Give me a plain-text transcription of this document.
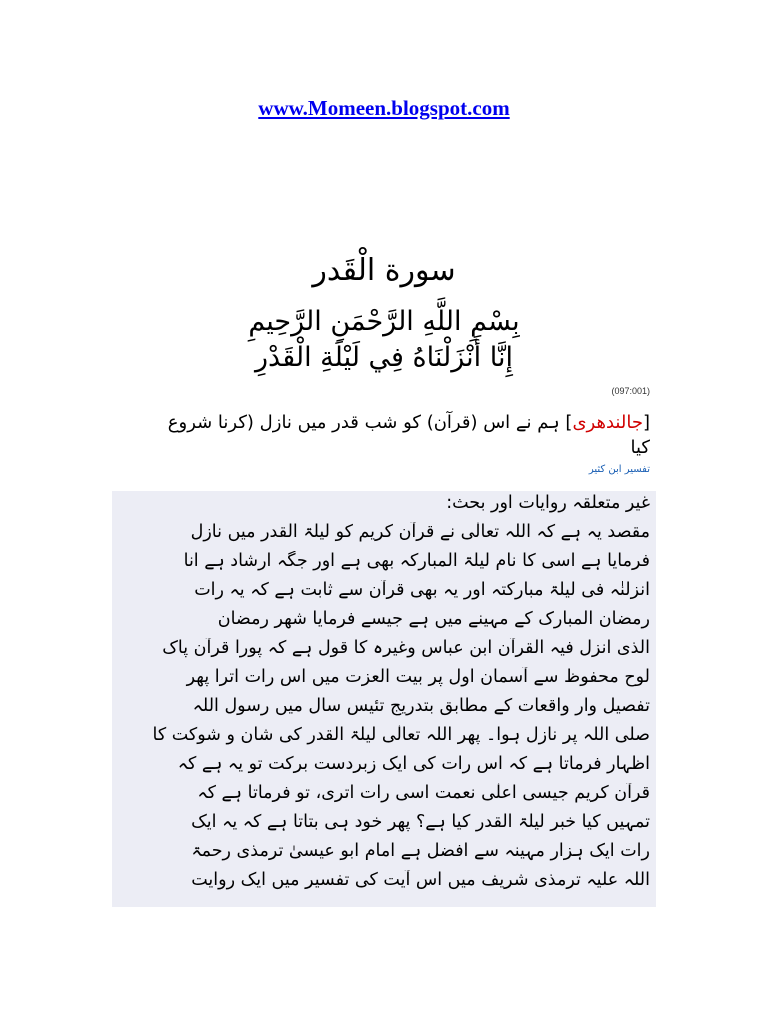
www.Momeen.blogspot.com
سورة الْقَدر
بِسْمِ اللَّهِ الرَّحْمَنِ الرَّحِيمِ
إِنَّا أَنْزَلْنَاهُ فِي لَيْلَةِ الْقَدْرِ
(097:001)
[جالندھری] ہم نے اس (قرآن) کو شب قدر میں نازل (کرنا شروع
کیا
تفسیر ابن کثیر
غیر متعلقہ روایات اور بحث:
مقصد یہ ہے کہ اللہ تعالٰی نے قرآن کریم کو لیلۃ القدر میں نازل
فرمایا ہے اسی کا نام لیلۃ المبارکہ بھی ہے اور جگہ ارشاد ہے انا
انزلنٰہ فی لیلۃ مبارکتہ اور یہ بھی قرآن سے ثابت ہے کہ یہ رات
رمضان المبارک کے مہینے میں ہے جیسے فرمایا شھر رمضان
الذی انزل فیہ القرآن ابن عباس وغیرہ کا قول ہے کہ پورا قرآن پاک
لوح محفوظ سے آسمان اول پر بیت العزت میں اس رات اترا پھر
تفصیل وار واقعات کے مطابق بتدریج تئیس سال میں رسول اللہ
صلی اللہ پر نازل ہوا۔ پھر اللہ تعالٰی لیلۃ القدر کی شان و شوکت کا
اظہار فرماتا ہے کہ اس رات کی ایک زبردست برکت تو یہ ہے کہ
قرآن کریم جیسی اعلٰی نعمت اسی رات اتری، تو فرماتا ہے کہ
تمہیں کیا خبر لیلۃ القدر کیا ہے؟ پھر خود ہی بتاتا ہے کہ یہ ایک
رات ایک ہزار مہینہ سے افضل ہے امام ابو عیسیٰ ترمذی رحمۃ
اللہ علیہ ترمذی شریف میں اس آیت کی تفسیر میں ایک روایت
